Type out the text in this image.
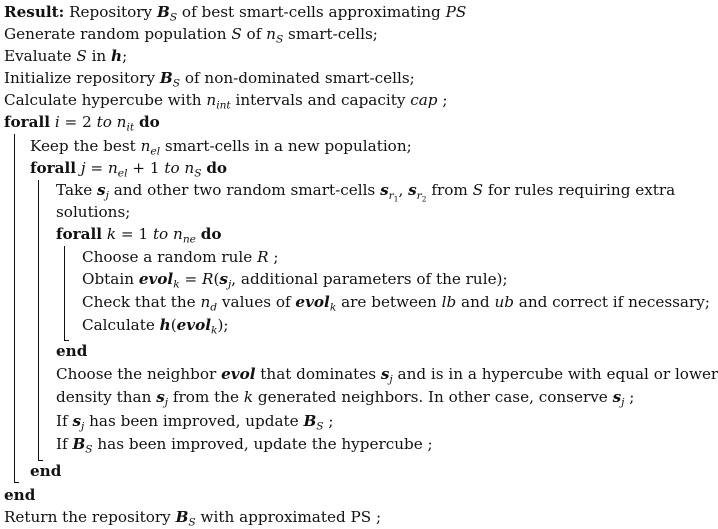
Result: Repository $B_S$ of best smart-cells approximating PS
Generate random population S of $n_S$ smart-cells;
Evaluate S in h;
Initialize repository $B_S$ of non-dominated smart-cells;
Calculate hypercube with $n_{int}$ intervals and capacity cap ;
forall i = 2 to $n_{it}$ do
Keep the best $n_{el}$ smart-cells in a new population;
forall $j = n_{el} + 1$ to $n_S$ do
Take $s_j$ and other two random smart-cells $s_{r_1}$, $s_{r_2}$ from S for rules requiring extra
solutions;
forall k = 1 to $n_{ne}$ do
Choose a random rule R ;
Obtain evol$_k$ = $R(s_j$, additional parameters of the rule);
Check that the $n_d$ values of evol$_k$ are between lb and ub and correct if necessary;
Calculate h(evol$_k$);
end
Choose the neighbor evol that dominates $s_j$ and is in a hypercube with equal or lower
density than $s_j$ from the k generated neighbors. In other case, conserve $s_j$ ;
If $s_j$ has been improved, update $B_S$ ;
If $B_S$ has been improved, update the hypercube ;
end
end
Return the repository $B_S$ with approximated PS ;
